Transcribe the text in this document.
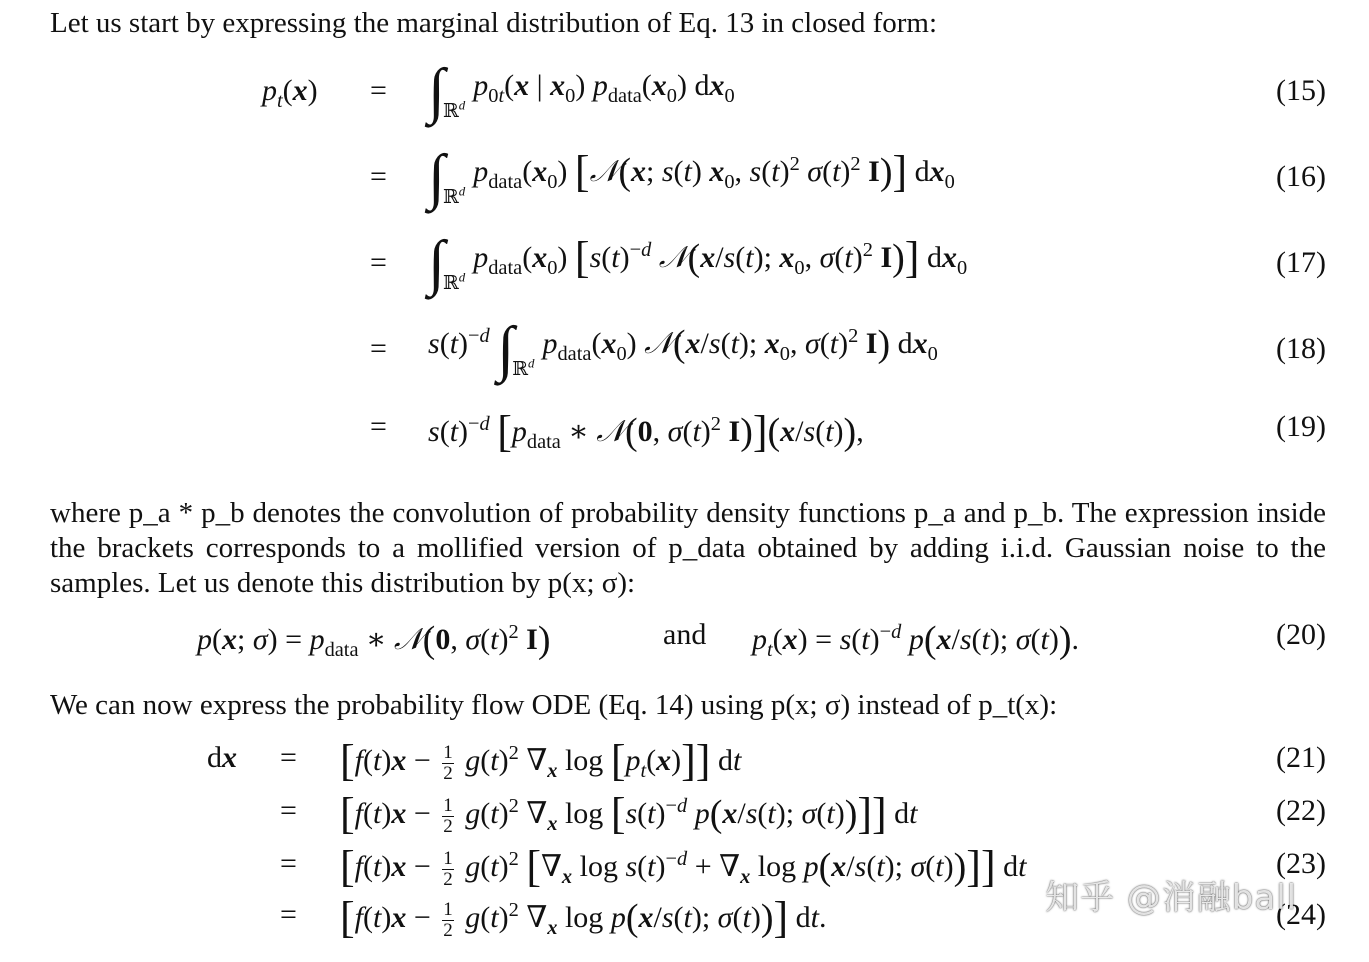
Let us start by expressing the marginal distribution of Eq. 13 in closed form:
$p_t(x) = \int_{ℝ^d}p_{0t}(x$ | $x_0$) $p_{data}(x_0)$ $dx_0$	(15)
= $\int_{ℝ^d}p_{data}(x_0)$ [𝒩(x; s(t) $x_0$, $s(t)^2$ $\sigma(t)^2$ I)] $dx_0$	(16)
= $\int_{ℝ^d}p_{data}(x_0)$ [$s(t)^{-d}$ 𝒩(x/s(t); $x_0$, $\sigma(t)^2$ I)] $dx_0$	(17)
= $s(t)^{-d}$ $\int_{ℝ^d}p_{data}(x_0)$ 𝒩(x/s(t); $x_0$, $\sigma(t)^2$ I) $dx_0$	(18)
= $s(t)^{-d}$ [$p_{data}$ ∗ 𝒩(0, $\sigma(t)^2$ I)](x/s(t)),	(19)
where p_a * p_b denotes the convolution of probability density functions p_a and p_b. The expression inside the brackets corresponds to a mollified version of p_data obtained by adding i.i.d. Gaussian noise to the samples. Let us denote this distribution by p(x; σ):
p(x; $\sigma) = p_{data}$ ∗ 𝒩(0, $\sigma(t)^2$ I)	and $p_t(x) = s(t)^{-d}$ p(x/s(t); σ(t)).	(20)
We can now express the probability flow ODE (Eq. 14) using p(x; σ) instead of p_t(x):
dx = [$f(t)x - \frac{1}{2} g(t)^2$ $\nabla_x$ $\log [p_t(x)]$] dt	(21)
= [$f(t)x - \frac{1}{2} g(t)^2$ $\nabla_x$ $\log [s(t)^{-d}$ p(x/s(t); σ(t))]] dt	(22)
= [$f(t)x - \frac{1}{2} g(t)^2$ [$\nabla_x$ $\log s(t)^{-d} + \nabla_x$ log p(x/s(t); σ(t))]] dt	(23)
= [$f(t)x - \frac{1}{2} g(t)^2$ $\nabla_x$ log p(x/s(t); σ(t))] dt.	(24)
知乎 @消融ball
